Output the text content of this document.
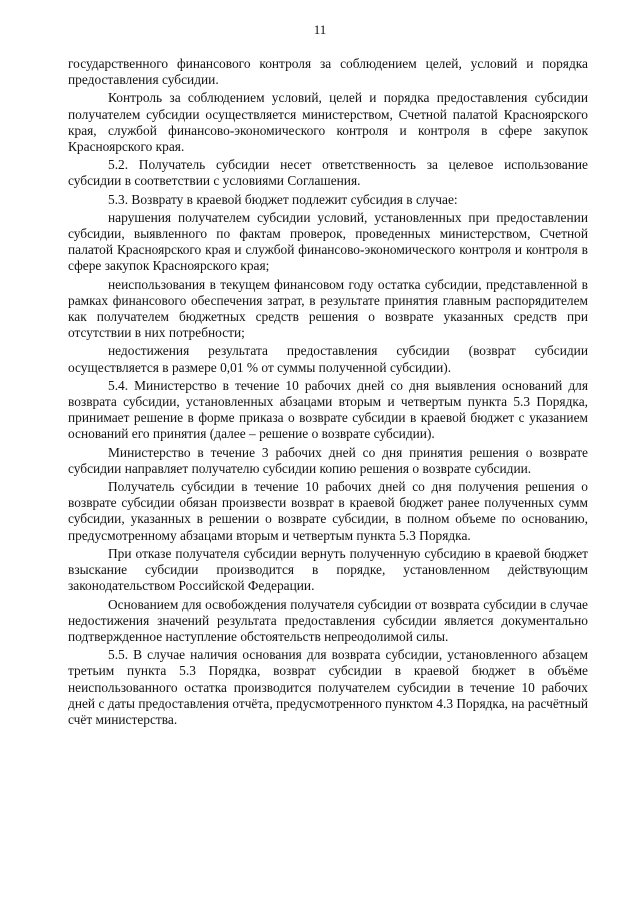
11

государственного финансового контроля за соблюдением целей, условий и порядка предоставления субсидии.

Контроль за соблюдением условий, целей и порядка предоставления субсидии получателем субсидии осуществляется министерством, Счетной палатой Красноярского края, службой финансово-экономического контроля и контроля в сфере закупок Красноярского края.

5.2. Получатель субсидии несет ответственность за целевое использование субсидии в соответствии с условиями Соглашения.

5.3. Возврату в краевой бюджет подлежит субсидия в случае:

нарушения получателем субсидии условий, установленных при предоставлении субсидии, выявленного по фактам проверок, проведенных министерством, Счетной палатой Красноярского края и службой финансово-экономического контроля и контроля в сфере закупок Красноярского края;

неиспользования в текущем финансовом году остатка субсидии, представленной в рамках финансового обеспечения затрат, в результате принятия главным распорядителем как получателем бюджетных средств решения о возврате указанных средств при отсутствии в них потребности;

недостижения результата предоставления субсидии (возврат субсидии осуществляется в размере 0,01 % от суммы полученной субсидии).

5.4. Министерство в течение 10 рабочих дней со дня выявления оснований для возврата субсидии, установленных абзацами вторым и четвертым пункта 5.3 Порядка, принимает решение в форме приказа о возврате субсидии в краевой бюджет с указанием оснований его принятия (далее – решение о возврате субсидии).

Министерство в течение 3 рабочих дней со дня принятия решения о возврате субсидии направляет получателю субсидии копию решения о возврате субсидии.

Получатель субсидии в течение 10 рабочих дней со дня получения решения о возврате субсидии обязан произвести возврат в краевой бюджет ранее полученных сумм субсидии, указанных в решении о возврате субсидии, в полном объеме по основанию, предусмотренному абзацами вторым и четвертым пункта 5.3 Порядка.

При отказе получателя субсидии вернуть полученную субсидию в краевой бюджет взыскание субсидии производится в порядке, установленном действующим законодательством Российской Федерации.

Основанием для освобождения получателя субсидии от возврата субсидии в случае недостижения значений результата предоставления субсидии является документально подтвержденное наступление обстоятельств непреодолимой силы.

5.5. В случае наличия основания для возврата субсидии, установленного абзацем третьим пункта 5.3 Порядка, возврат субсидии в краевой бюджет в объёме неиспользованного остатка производится получателем субсидии в течение 10 рабочих дней с даты предоставления отчёта, предусмотренного пунктом 4.3 Порядка, на расчётный счёт министерства.
